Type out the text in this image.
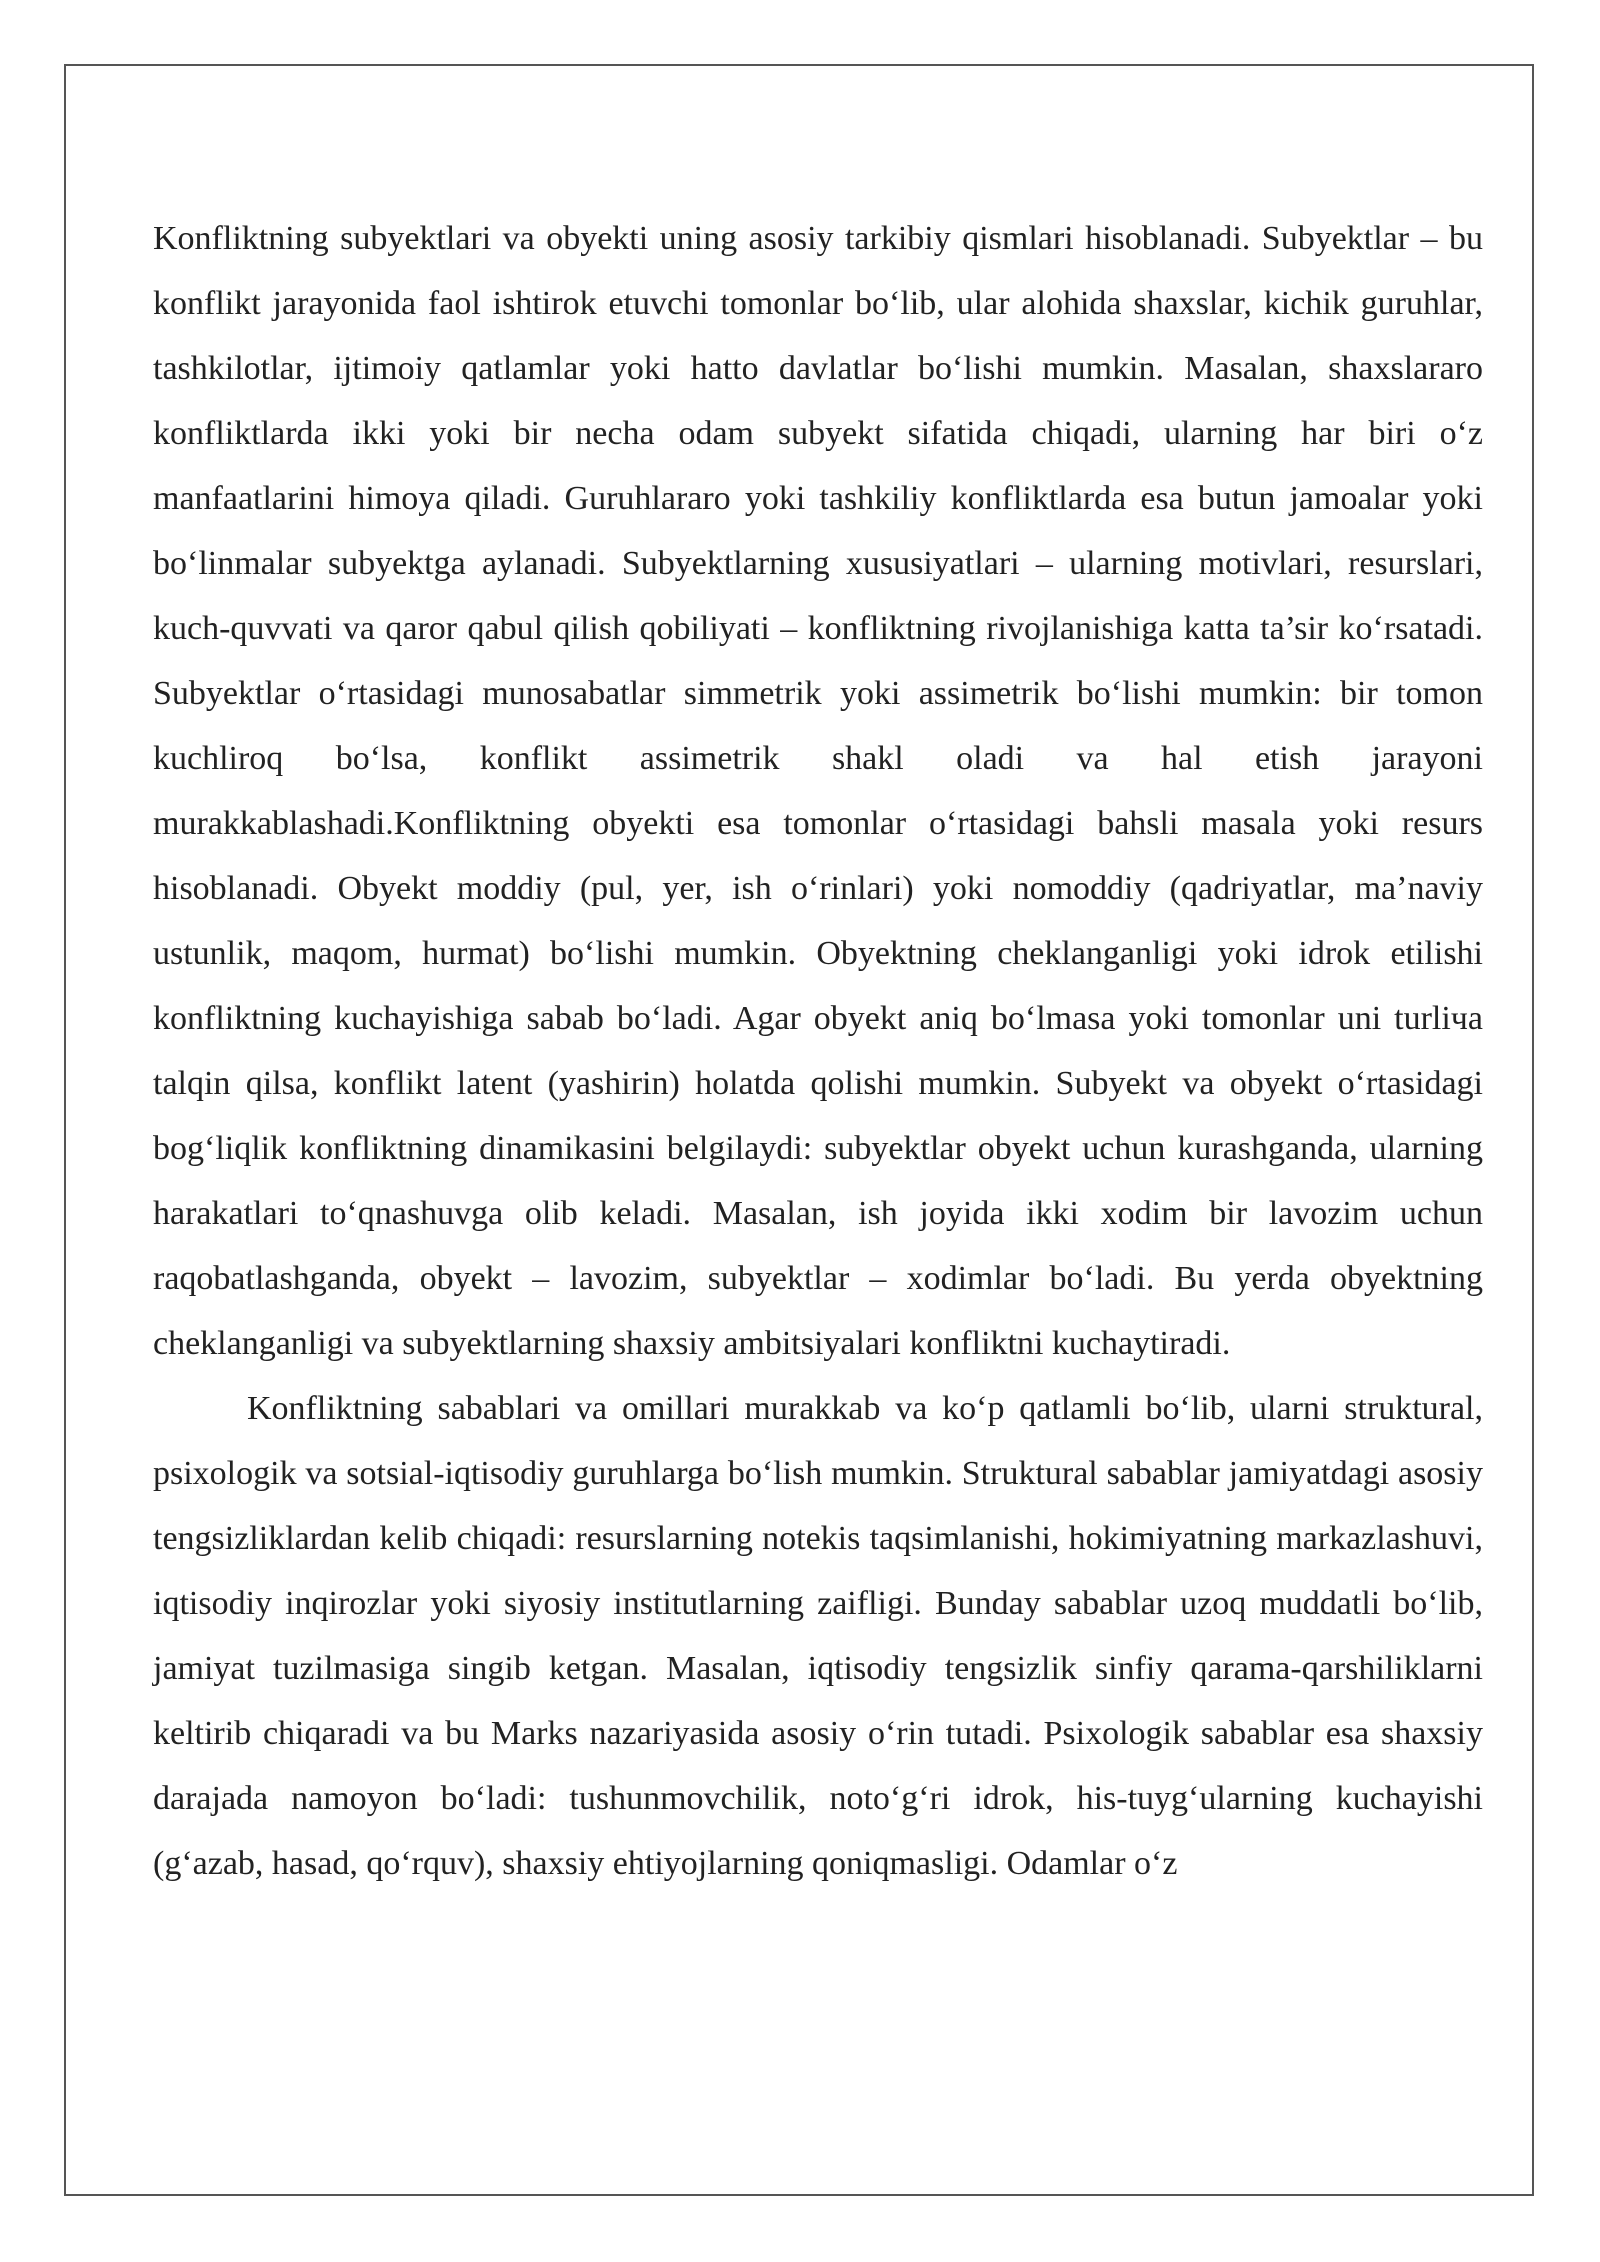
Konfliktning subyektlari va obyekti uning asosiy tarkibiy qismlari hisoblanadi. Subyektlar – bu konflikt jarayonida faol ishtirok etuvchi tomonlar bo‘lib, ular alohida shaxslar, kichik guruhlar, tashkilotlar, ijtimoiy qatlamlar yoki hatto davlatlar bo‘lishi mumkin. Masalan, shaxslararo konfliktlarda ikki yoki bir necha odam subyekt sifatida chiqadi, ularning har biri o‘z manfaatlarini himoya qiladi. Guruhlararo yoki tashkiliy konfliktlarda esa butun jamoalar yoki bo‘linmalar subyektga aylanadi. Subyektlarning xususiyatlari – ularning motivlari, resurslari, kuch-quvvati va qaror qabul qilish qobiliyati – konfliktning rivojlanishiga katta ta’sir ko‘rsatadi. Subyektlar o‘rtasidagi munosabatlar simmetrik yoki assimetrik bo‘lishi mumkin: bir tomon kuchliroq bo‘lsa, konflikt assimetrik shakl oladi va hal etish jarayoni murakkablashadi.Konfliktning obyekti esa tomonlar o‘rtasidagi bahsli masala yoki resurs hisoblanadi. Obyekt moddiy (pul, yer, ish o‘rinlari) yoki nomoddiy (qadriyatlar, ma’naviy ustunlik, maqom, hurmat) bo‘lishi mumkin. Obyektning cheklanganligi yoki idrok etilishi konfliktning kuchayishiga sabab bo‘ladi. Agar obyekt aniq bo‘lmasa yoki tomonlar uni turliча talqin qilsa, konflikt latent (yashirin) holatda qolishi mumkin. Subyekt va obyekt o‘rtasidagi bog‘liqlik konfliktning dinamikasini belgilaydi: subyektlar obyekt uchun kurashganda, ularning harakatlari to‘qnashuvga olib keladi. Masalan, ish joyida ikki xodim bir lavozim uchun raqobatlashganda, obyekt – lavozim, subyektlar – xodimlar bo‘ladi. Bu yerda obyektning cheklanganligi va subyektlarning shaxsiy ambitsiyalari konfliktni kuchaytiradi.

Konfliktning sabablari va omillari murakkab va ko‘p qatlamli bo‘lib, ularni struktural, psixologik va sotsial-iqtisodiy guruhlarga bo‘lish mumkin. Struktural sabablar jamiyatdagi asosiy tengsizliklardan kelib chiqadi: resurslarning notekis taqsimlanishi, hokimiyatning markazlashuvi, iqtisodiy inqirozlar yoki siyosiy institutlarning zaifligi. Bunday sabablar uzoq muddatli bo‘lib, jamiyat tuzilmasiga singib ketgan. Masalan, iqtisodiy tengsizlik sinfiy qarama-qarshiliklarni keltirib chiqaradi va bu Marks nazariyasida asosiy o‘rin tutadi. Psixologik sabablar esa shaxsiy darajada namoyon bo‘ladi: tushunmovchilik, noto‘g‘ri idrok, his-tuyg‘ularning kuchayishi (g‘azab, hasad, qo‘rquv), shaxsiy ehtiyojlarning qoniqmasligi. Odamlar o‘z
